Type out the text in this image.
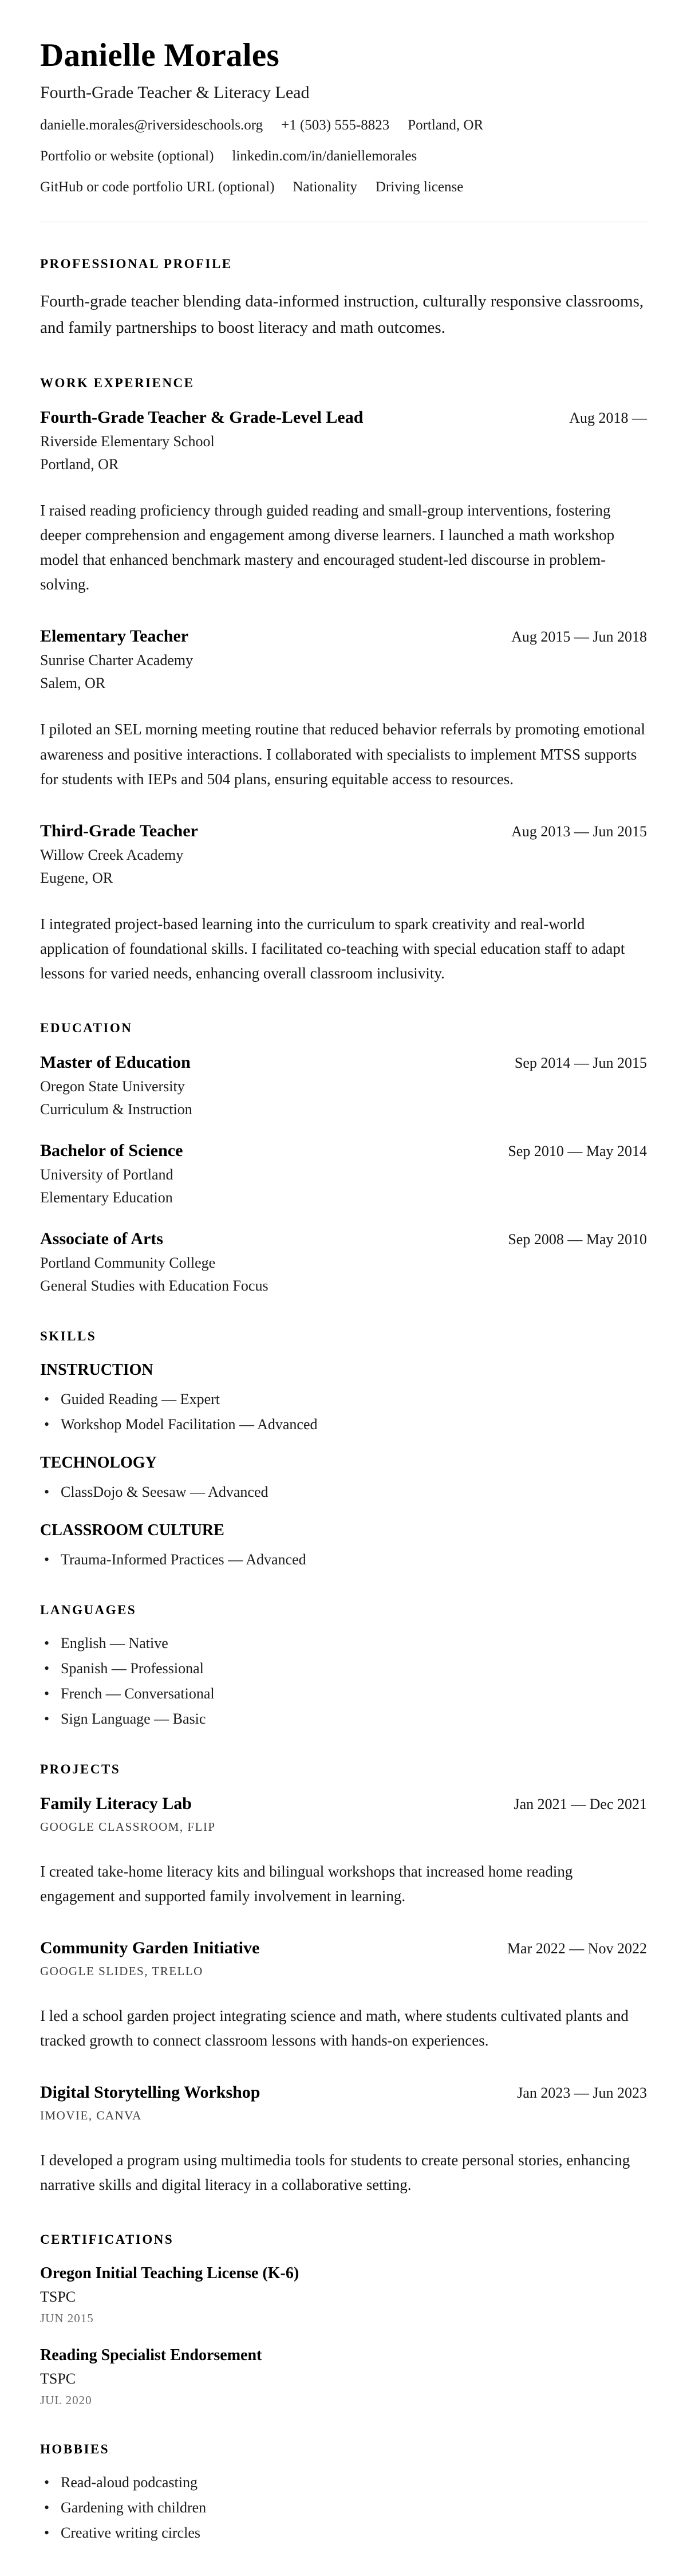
Danielle Morales
Fourth-Grade Teacher & Literacy Lead
danielle.morales@riversideschools.org +1 (503) 555-8823 Portland, OR
Portfolio or website (optional) linkedin.com/in/daniellemorales
GitHub or code portfolio URL (optional) Nationality Driving license
PROFESSIONAL PROFILE

Fourth-grade teacher blending data-informed instruction, culturally responsive classrooms, and family partnerships to boost literacy and math outcomes.

WORK EXPERIENCE
Fourth-Grade Teacher & Grade-Level Lead	Aug 2018 —
Riverside Elementary School
Portland, OR

I raised reading proficiency through guided reading and small-group interventions, fostering deeper comprehension and engagement among diverse learners. I launched a math workshop model that enhanced benchmark mastery and encouraged student-led discourse in problem-solving.

Elementary Teacher	Aug 2015 — Jun 2018
Sunrise Charter Academy
Salem, OR

I piloted an SEL morning meeting routine that reduced behavior referrals by promoting emotional awareness and positive interactions. I collaborated with specialists to implement MTSS supports for students with IEPs and 504 plans, ensuring equitable access to resources.

Third-Grade Teacher	Aug 2013 — Jun 2015
Willow Creek Academy
Eugene, OR

I integrated project-based learning into the curriculum to spark creativity and real-world application of foundational skills. I facilitated co-teaching with special education staff to adapt lessons for varied needs, enhancing overall classroom inclusivity.

EDUCATION
Master of Education	Sep 2014 — Jun 2015
Oregon State University
Curriculum & Instruction
Bachelor of Science	Sep 2010 — May 2014
University of Portland
Elementary Education
Associate of Arts	Sep 2008 — May 2010
Portland Community College
General Studies with Education Focus
SKILLS
INSTRUCTION
• Guided Reading — Expert
• Workshop Model Facilitation — Advanced
TECHNOLOGY
• ClassDojo & Seesaw — Advanced
CLASSROOM CULTURE
• Trauma-Informed Practices — Advanced
LANGUAGES
• English — Native
• Spanish — Professional
• French — Conversational
• Sign Language — Basic
PROJECTS
Family Literacy Lab	Jan 2021 — Dec 2021
GOOGLE CLASSROOM, FLIP

I created take-home literacy kits and bilingual workshops that increased home reading engagement and supported family involvement in learning.

Community Garden Initiative	Mar 2022 — Nov 2022
GOOGLE SLIDES, TRELLO

I led a school garden project integrating science and math, where students cultivated plants and tracked growth to connect classroom lessons with hands-on experiences.

Digital Storytelling Workshop	Jan 2023 — Jun 2023
IMOVIE, CANVA

I developed a program using multimedia tools for students to create personal stories, enhancing narrative skills and digital literacy in a collaborative setting.

CERTIFICATIONS
Oregon Initial Teaching License (K-6)
TSPC
JUN 2015
Reading Specialist Endorsement
TSPC
JUL 2020
HOBBIES
• Read-aloud podcasting
• Gardening with children
• Creative writing circles
